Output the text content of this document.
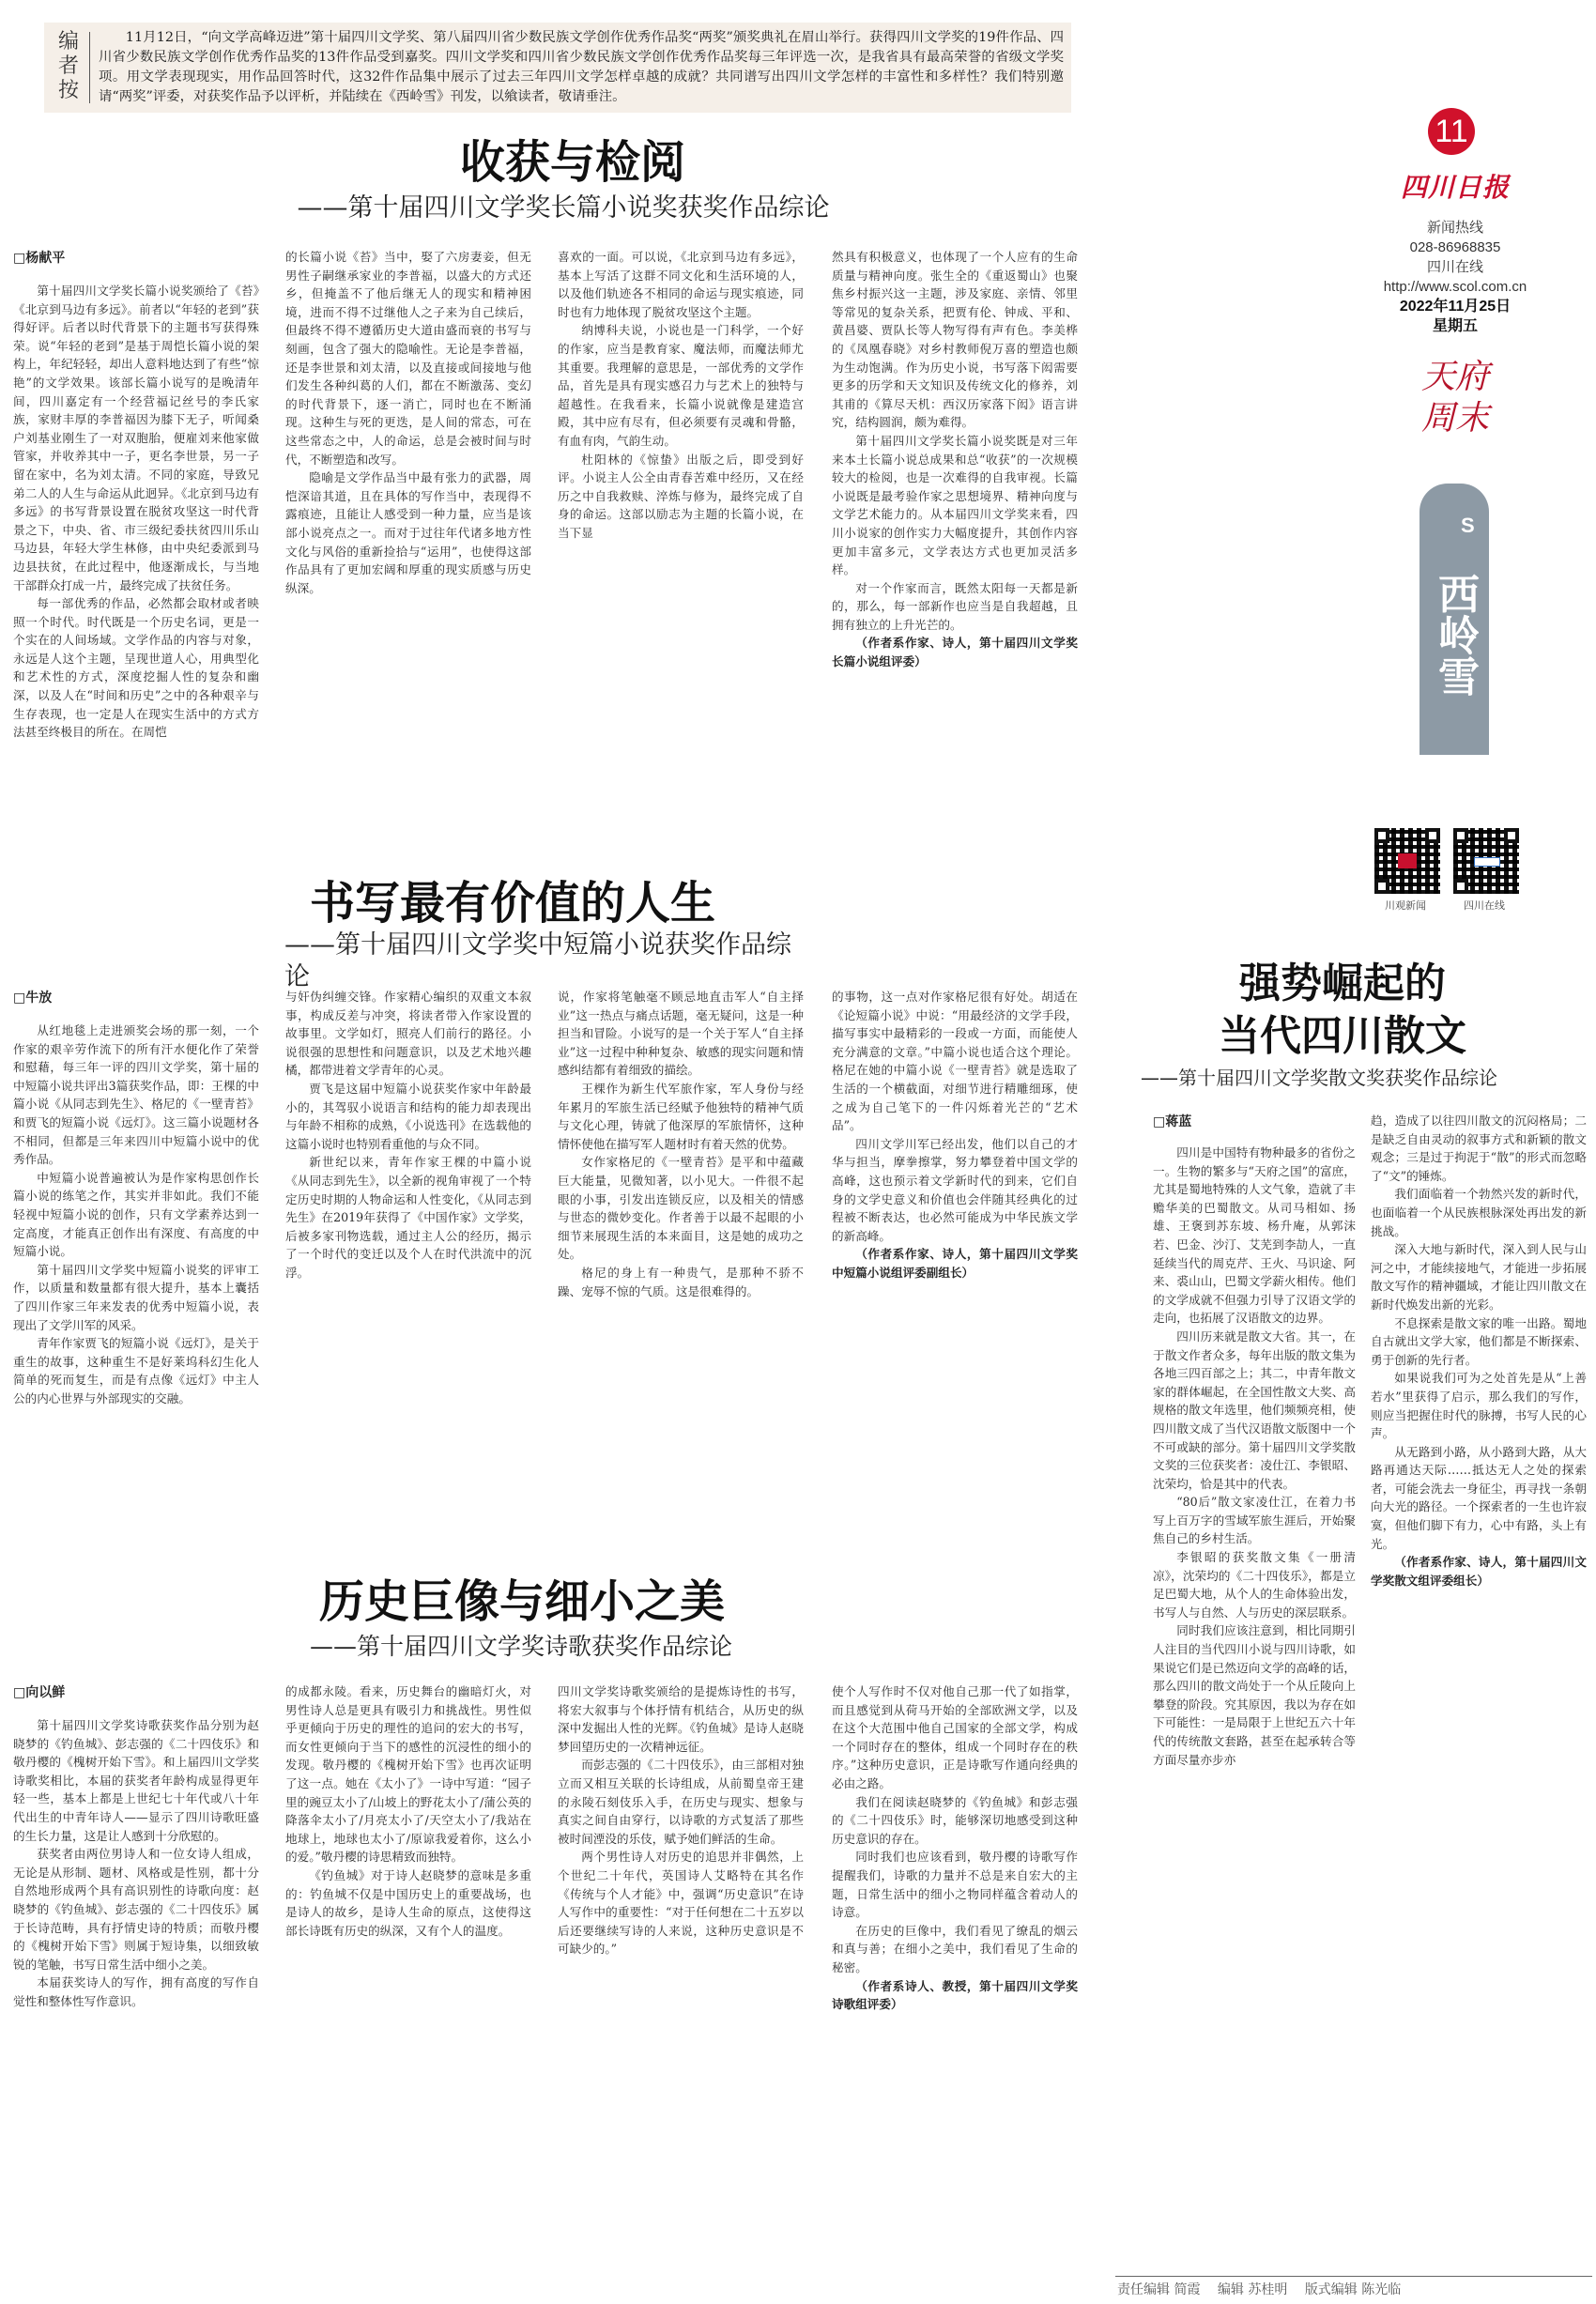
编者按
11月12日，“向文学高峰迈进”第十届四川文学奖、第八届四川省少数民族文学创作优秀作品奖“两奖”颁奖典礼在眉山举行。获得四川文学奖的19件作品、四川省少数民族文学创作优秀作品奖的13件作品受到嘉奖。四川文学奖和四川省少数民族文学创作优秀作品奖每三年评选一次，是我省具有最高荣誉的省级文学奖项。用文学表现现实，用作品回答时代，这32件作品集中展示了过去三年四川文学怎样卓越的成就？共同谱写出四川文学怎样的丰富性和多样性？我们特别邀请“两奖”评委，对获奖作品予以评析，并陆续在《西岭雪》刊发，以飨读者，敬请垂注。
收获与检阅
——第十届四川文学奖长篇小说奖获奖作品综论
□杨献平

第十届四川文学奖长篇小说奖颁给了《苔》《北京到马边有多远》。前者以“年轻的老到”获得好评。后者以时代背景下的主题书写获得殊荣。说“年轻的老到”是基于周恺长篇小说的架构上，年纪轻轻，却出人意料地达到了有些“惊艳”的文学效果。该部长篇小说写的是晚清年间，四川嘉定有一个经营福记丝号的李氏家族，家财丰厚的李普福因为膝下无子，听闻桑户刘基业刚生了一对双胞胎，便雇刘来他家做管家，并收养其中一子，更名李世景，另一子留在家中，名为刘太清。不同的家庭，导致兄弟二人的人生与命运从此迥异。《北京到马边有多远》的书写背景设置在脱贫攻坚这一时代背景之下，中央、省、市三级纪委扶贫四川乐山马边县，年轻大学生林修，由中央纪委派到马边县扶贫，在此过程中，他逐渐成长，与当地干部群众打成一片，最终完成了扶贫任务。

每一部优秀的作品，必然都会取材或者映照一个时代。时代既是一个历史名词，更是一个实在的人间场域。文学作品的内容与对象，永远是人这个主题，呈现世道人心，用典型化和艺术性的方式，深度挖掘人性的复杂和幽深，以及人在“时间和历史”之中的各种艰辛与生存表现，也一定是人在现实生活中的方式方法甚至终极目的所在。在周恺

的长篇小说《苔》当中，娶了六房妻妾，但无男性子嗣继承家业的李普福，以盛大的方式还乡，但掩盖不了他后继无人的现实和精神困境，进而不得不过继他人之子来为自己续后，但最终不得不遵循历史大道由盛而衰的书写与刻画，包含了强大的隐喻性。无论是李普福，还是李世景和刘太清，以及直接或间接地与他们发生各种纠葛的人们，都在不断激荡、变幻的时代背景下，逐一消亡，同时也在不断涌现。这种生与死的更迭，是人间的常态，可在这些常态之中，人的命运，总是会被时间与时代，不断塑造和改写。

隐喻是文学作品当中最有张力的武器，周恺深谙其道，且在具体的写作当中，表现得不露痕迹，且能让人感受到一种力量，应当是该部小说亮点之一。而对于过往年代诸多地方性文化与风俗的重新捡拾与“运用”，也使得这部作品具有了更加宏阔和厚重的现实质感与历史纵深。

喜欢的一面。可以说，《北京到马边有多远》，基本上写活了这群不同文化和生活环境的人，以及他们轨迹各不相同的命运与现实痕迹，同时也有力地体现了脱贫攻坚这个主题。

纳博科夫说，小说也是一门科学，一个好的作家，应当是教育家、魔法师，而魔法师尤其重要。我理解的意思是，一部优秀的文学作品，首先是具有现实感召力与艺术上的独特与超越性。在我看来，长篇小说就像是建造宫殿，其中应有尽有，但必须要有灵魂和骨骼，有血有肉，气韵生动。

杜阳林的《惊蛰》出版之后，即受到好评。小说主人公全由青春苦难中经历，又在经历之中自我救赎、淬炼与修为，最终完成了自身的命运。这部以励志为主题的长篇小说，在当下显

然具有积极意义，也体现了一个人应有的生命质量与精神向度。张生全的《重返蜀山》也聚焦乡村振兴这一主题，涉及家庭、亲情、邻里等常见的复杂关系，把贾有伦、钟成、平和、黄昌婆、贾队长等人物写得有声有色。李美桦的《凤凰春晓》对乡村教师倪万喜的塑造也颇为生动饱满。作为历史小说，书写落下闳需要更多的历学和天文知识及传统文化的修养，刘其甫的《算尽天机：西汉历家落下闳》语言讲究，结构圆润，颇为难得。

第十届四川文学奖长篇小说奖既是对三年来本土长篇小说总成果和总“收获”的一次规模较大的检阅，也是一次难得的自我审视。长篇小说既是最考验作家之思想境界、精神向度与文学艺术能力的。从本届四川文学奖来看，四川小说家的创作实力大幅度提升，其创作内容更加丰富多元，文学表达方式也更加灵活多样。

对一个作家而言，既然太阳每一天都是新的，那么，每一部新作也应当是自我超越，且拥有独立的上升光芒的。

（作者系作家、诗人，第十届四川文学奖长篇小说组评委）

书写最有价值的人生
——第十届四川文学奖中短篇小说获奖作品综论
□牛放

从红地毯上走进颁奖会场的那一刻，一个作家的艰辛劳作流下的所有汗水便化作了荣誉和慰藉，每三年一评的四川文学奖，第十届的中短篇小说共评出3篇获奖作品，即：王棵的中篇小说《从同志到先生》、格尼的《一壁青苔》和贾飞的短篇小说《远灯》。这三篇小说题材各不相同，但都是三年来四川中短篇小说中的优秀作品。

中短篇小说普遍被认为是作家构思创作长篇小说的练笔之作，其实并非如此。我们不能轻视中短篇小说的创作，只有文学素养达到一定高度，才能真正创作出有深度、有高度的中短篇小说。

第十届四川文学奖中短篇小说奖的评审工作，以质量和数量都有很大提升，基本上囊括了四川作家三年来发表的优秀中短篇小说，表现出了文学川军的风采。

青年作家贾飞的短篇小说《远灯》，是关于重生的故事，这种重生不是好莱坞科幻生化人简单的死而复生，而是有点像《远灯》中主人公的内心世界与外部现实的交融。

与奸伪纠缠交锋。作家精心编织的双重文本叙事，构成反差与冲突，将读者带入作家设置的故事里。文学如灯，照亮人们前行的路径。小说很强的思想性和问题意识，以及艺术地兴趣橘，都带进着文学青年的心灵。

贾飞是这届中短篇小说获奖作家中年龄最小的，其驾驭小说语言和结构的能力却表现出与年龄不相称的成熟，《小说选刊》在选载他的这篇小说时也特别看重他的与众不同。

新世纪以来，青年作家王棵的中篇小说《从同志到先生》，以全新的视角审视了一个特定历史时期的人物命运和人性变化，《从同志到先生》在2019年获得了《中国作家》文学奖，后被多家刊物选载，通过主人公的经历，揭示了一个时代的变迁以及个人在时代洪流中的沉浮。

说，作家将笔触毫不顾忌地直击军人“自主择业”这一热点与痛点话题，毫无疑问，这是一种担当和冒险。小说写的是一个关于军人“自主择业”这一过程中种种复杂、敏感的现实问题和情感纠结都有着细致的描绘。

王棵作为新生代军旅作家，军人身份与经年累月的军旅生活已经赋予他独特的精神气质与文化心理，铸就了他深厚的军旅情怀，这种情怀使他在描写军人题材时有着天然的优势。

女作家格尼的《一壁青苔》是平和中蕴藏巨大能量，见微知著，以小见大。一件很不起眼的小事，引发出连锁反应，以及相关的情感与世态的微妙变化。作者善于以最不起眼的小细节来展现生活的本来面目，这是她的成功之处。

格尼的身上有一种贵气，是那种不骄不躁、宠辱不惊的气质。这是很难得的。

的事物，这一点对作家格尼很有好处。胡适在《论短篇小说》中说：“用最经济的文学手段，描写事实中最精彩的一段或一方面，而能使人充分满意的文章。”中篇小说也适合这个理论。格尼在她的中篇小说《一壁青苔》就是选取了生活的一个横截面，对细节进行精雕细琢，使之成为自己笔下的一件闪烁着光芒的“艺术品”。

四川文学川军已经出发，他们以自己的才华与担当，摩拳擦掌，努力攀登着中国文学的高峰，这也预示着文学新时代的到来，它们自身的文学史意义和价值也会伴随其经典化的过程被不断表达，也必然可能成为中华民族文学的新高峰。

（作者系作家、诗人，第十届四川文学奖中短篇小说组评委副组长）

历史巨像与细小之美
——第十届四川文学奖诗歌获奖作品综论
□向以鲜

第十届四川文学奖诗歌获奖作品分别为赵晓梦的《钓鱼城》、彭志强的《二十四伎乐》和敬丹樱的《槐树开始下雪》。和上届四川文学奖诗歌奖相比，本届的获奖者年龄构成显得更年轻一些，基本上都是上世纪七十年代或八十年代出生的中青年诗人——显示了四川诗歌旺盛的生长力量，这是让人感到十分欣慰的。

获奖者由两位男诗人和一位女诗人组成，无论是从形制、题材、风格或是性别，都十分自然地形成两个具有高识别性的诗歌向度：赵晓梦的《钓鱼城》、彭志强的《二十四伎乐》属于长诗范畴，具有抒情史诗的特质；而敬丹樱的《槐树开始下雪》则属于短诗集，以细致敏锐的笔触，书写日常生活中细小之美。

本届获奖诗人的写作，拥有高度的写作自觉性和整体性写作意识。

的成都永陵。看来，历史舞台的幽暗灯火，对男性诗人总是更具有吸引力和挑战性。男性似乎更倾向于历史的理性的追问的宏大的书写，而女性更倾向于当下的感性的沉浸性的细小的发现。敬丹樱的《槐树开始下雪》也再次证明了这一点。她在《太小了》一诗中写道：“园子里的豌豆太小了/山坡上的野花太小了/蒲公英的降落伞太小了/月亮太小了/天空太小了/我站在地球上，地球也太小了/原谅我爱着你，这么小的爱。”敬丹樱的诗思精致而独特。

《钓鱼城》对于诗人赵晓梦的意味是多重的：钓鱼城不仅是中国历史上的重要战场，也是诗人的故乡，是诗人生命的原点，这使得这部长诗既有历史的纵深，又有个人的温度。

四川文学奖诗歌奖颁给的是提炼诗性的书写，将宏大叙事与个体抒情有机结合，从历史的纵深中发掘出人性的光辉。《钓鱼城》是诗人赵晓梦回望历史的一次精神远征。

而彭志强的《二十四伎乐》，由三部相对独立而又相互关联的长诗组成，从前蜀皇帝王建的永陵石刻伎乐入手，在历史与现实、想象与真实之间自由穿行，以诗歌的方式复活了那些被时间湮没的乐伎，赋予她们鲜活的生命。

两个男性诗人对历史的追思并非偶然，上个世纪二十年代，英国诗人艾略特在其名作《传统与个人才能》中，强调“历史意识”在诗人写作中的重要性：“对于任何想在二十五岁以后还要继续写诗的人来说，这种历史意识是不可缺少的。”

使个人写作时不仅对他自己那一代了如指掌，而且感觉到从荷马开始的全部欧洲文学，以及在这个大范围中他自己国家的全部文学，构成一个同时存在的整体，组成一个同时存在的秩序。”这种历史意识，正是诗歌写作通向经典的必由之路。

我们在阅读赵晓梦的《钓鱼城》和彭志强的《二十四伎乐》时，能够深切地感受到这种历史意识的存在。

同时我们也应该看到，敬丹樱的诗歌写作提醒我们，诗歌的力量并不总是来自宏大的主题，日常生活中的细小之物同样蕴含着动人的诗意。

在历史的巨像中，我们看见了缭乱的烟云和真与善；在细小之美中，我们看见了生命的秘密。

（作者系诗人、教授，第十届四川文学奖诗歌组评委）

强势崛起的
当代四川散文
——第十届四川文学奖散文奖获奖作品综论
□蒋蓝

四川是中国特有物种最多的省份之一。生物的繁多与“天府之国”的富庶，尤其是蜀地特殊的人文气象，造就了丰赡华美的巴蜀散文。从司马相如、扬雄、王褒到苏东坡、杨升庵，从郭沫若、巴金、沙汀、艾芜到李劼人，一直延续当代的周克芹、王火、马识途、阿来、裘山山，巴蜀文学薪火相传。他们的文学成就不但强力引导了汉语文学的走向，也拓展了汉语散文的边界。

四川历来就是散文大省。其一，在于散文作者众多，每年出版的散文集为各地三四百部之上；其二，中青年散文家的群体崛起，在全国性散文大奖、高规格的散文年选里，他们频频亮相，使四川散文成了当代汉语散文版图中一个不可或缺的部分。第十届四川文学奖散文奖的三位获奖者：凌仕江、李银昭、沈荣均，恰是其中的代表。

“80后”散文家凌仕江，在着力书写上百万字的雪域军旅生涯后，开始聚焦自己的乡村生活。

李银昭的获奖散文集《一册清凉》，沈荣均的《二十四伎乐》，都是立足巴蜀大地，从个人的生命体验出发，书写人与自然、人与历史的深层联系。

同时我们应该注意到，相比同期引人注目的当代四川小说与四川诗歌，如果说它们是已然迈向文学的高峰的话，那么四川的散文尚处于一个从丘陵向上攀登的阶段。究其原因，我以为存在如下可能性：一是局限于上世纪五六十年代的传统散文套路，甚至在起承转合等方面尽量亦步亦

趋，造成了以往四川散文的沉闷格局；二是缺乏自由灵动的叙事方式和新颖的散文观念；三是过于拘泥于“散”的形式而忽略了“文”的锤炼。

我们面临着一个勃然兴发的新时代，也面临着一个从民族根脉深处再出发的新挑战。

深入大地与新时代，深入到人民与山河之中，才能续接地气，才能进一步拓展散文写作的精神疆域，才能让四川散文在新时代焕发出新的光彩。

不息探索是散文家的唯一出路。蜀地自古就出文学大家，他们都是不断探索、勇于创新的先行者。

如果说我们可为之处首先是从“上善若水”里获得了启示，那么我们的写作，则应当把握住时代的脉搏，书写人民的心声。

从无路到小路，从小路到大路，从大路再通达天际……抵达无人之处的探索者，可能会洗去一身征尘，再寻找一条朝向大光的路径。一个探索者的一生也许寂寞，但他们脚下有力，心中有路，头上有光。

（作者系作家、诗人，第十届四川文学奖散文组评委组长）

11
四川日报
新闻热线
028-86968835
四川在线
http://www.scol.com.cn
2022年11月25日
星期五
天府
周末
S
西岭雪
川观新闻	四川在线
责任编辑 简霞 编辑 苏桂明 版式编辑 陈光临
